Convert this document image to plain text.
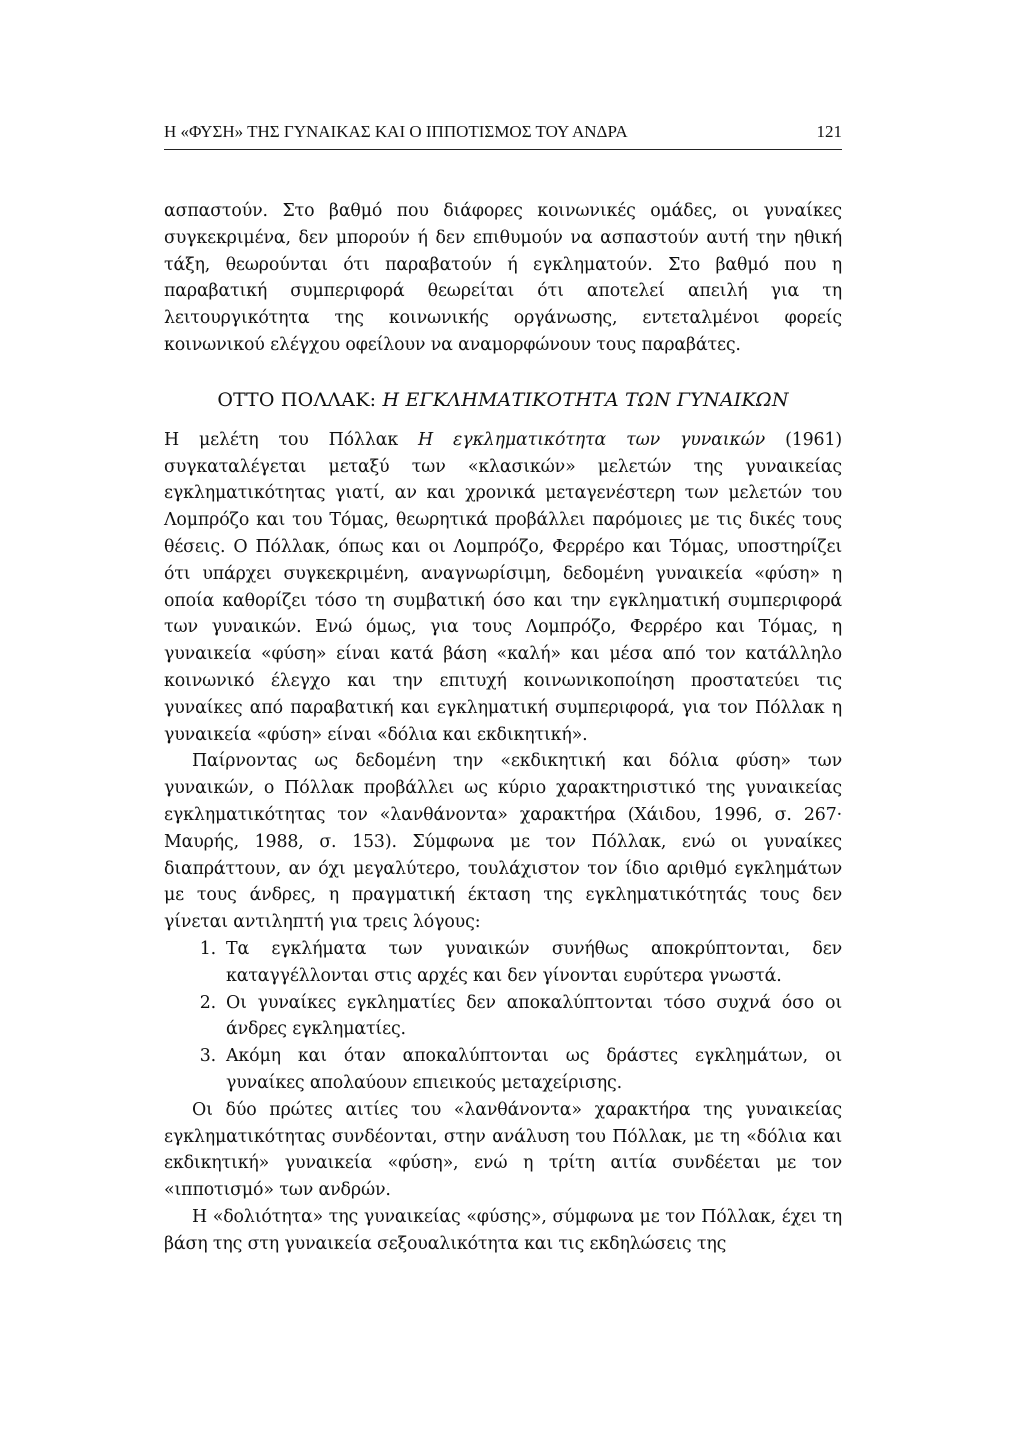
Η «ΦΥΣΗ» ΤΗΣ ΓΥΝΑΙΚΑΣ ΚΑΙ Ο ΙΠΠΟΤΙΣΜΟΣ ΤΟΥ ΑΝΔΡΑ	121

ασπαστούν. Στο βαθμό που διάφορες κοινωνικές ομάδες, οι γυναίκες συγκεκριμένα, δεν μπορούν ή δεν επιθυμούν να ασπαστούν αυτή την ηθική τάξη, θεωρούνται ότι παραβατούν ή εγκληματούν. Στο βαθμό που η παραβατική συμπεριφορά θεωρείται ότι αποτελεί απειλή για τη λειτουργικότητα της κοινωνικής οργάνωσης, εντεταλμένοι φορείς κοινωνικού ελέγχου οφείλουν να αναμορφώνουν τους παραβάτες.

ΟΤΤΟ ΠΟΛΛΑΚ: Η ΕΓΚΛΗΜΑΤΙΚΟΤΗΤΑ ΤΩΝ ΓΥΝΑΙΚΩΝ

Η μελέτη του Πόλλακ Η εγκληματικότητα των γυναικών (1961) συγκαταλέγεται μεταξύ των «κλασικών» μελετών της γυναικείας εγκληματικότητας γιατί, αν και χρονικά μεταγενέστερη των μελετών του Λομπρόζο και του Τόμας, θεωρητικά προβάλλει παρόμοιες με τις δικές τους θέσεις. Ο Πόλλακ, όπως και οι Λομπρόζο, Φερρέρο και Τόμας, υποστηρίζει ότι υπάρχει συγκεκριμένη, αναγνωρίσιμη, δεδομένη γυναικεία «φύση» η οποία καθορίζει τόσο τη συμβατική όσο και την εγκληματική συμπεριφορά των γυναικών. Ενώ όμως, για τους Λομπρόζο, Φερρέρο και Τόμας, η γυναικεία «φύση» είναι κατά βάση «καλή» και μέσα από τον κατάλληλο κοινωνικό έλεγχο και την επιτυχή κοινωνικοποίηση προστατεύει τις γυναίκες από παραβατική και εγκληματική συμπεριφορά, για τον Πόλλακ η γυναικεία «φύση» είναι «δόλια και εκδικητική».

Παίρνοντας ως δεδομένη την «εκδικητική και δόλια φύση» των γυναικών, ο Πόλλακ προβάλλει ως κύριο χαρακτηριστικό της γυναικείας εγκληματικότητας τον «λανθάνοντα» χαρακτήρα (Χάιδου, 1996, σ. 267· Μαυρής, 1988, σ. 153). Σύμφωνα με τον Πόλλακ, ενώ οι γυναίκες διαπράττουν, αν όχι μεγαλύτερο, τουλάχιστον τον ίδιο αριθμό εγκλημάτων με τους άνδρες, η πραγματική έκταση της εγκληματικότητάς τους δεν γίνεται αντιληπτή για τρεις λόγους:

1. Τα εγκλήματα των γυναικών συνήθως αποκρύπτονται, δεν καταγγέλλονται στις αρχές και δεν γίνονται ευρύτερα γνωστά.
2. Οι γυναίκες εγκληματίες δεν αποκαλύπτονται τόσο συχνά όσο οι άνδρες εγκληματίες.
3. Ακόμη και όταν αποκαλύπτονται ως δράστες εγκλημάτων, οι γυναίκες απολαύουν επιεικούς μεταχείρισης.

Οι δύο πρώτες αιτίες του «λανθάνοντα» χαρακτήρα της γυναικείας εγκληματικότητας συνδέονται, στην ανάλυση του Πόλλακ, με τη «δόλια και εκδικητική» γυναικεία «φύση», ενώ η τρίτη αιτία συνδέεται με τον «ιπποτισμό» των ανδρών.

Η «δολιότητα» της γυναικείας «φύσης», σύμφωνα με τον Πόλλακ, έχει τη βάση της στη γυναικεία σεξουαλικότητα και τις εκδηλώσεις της
